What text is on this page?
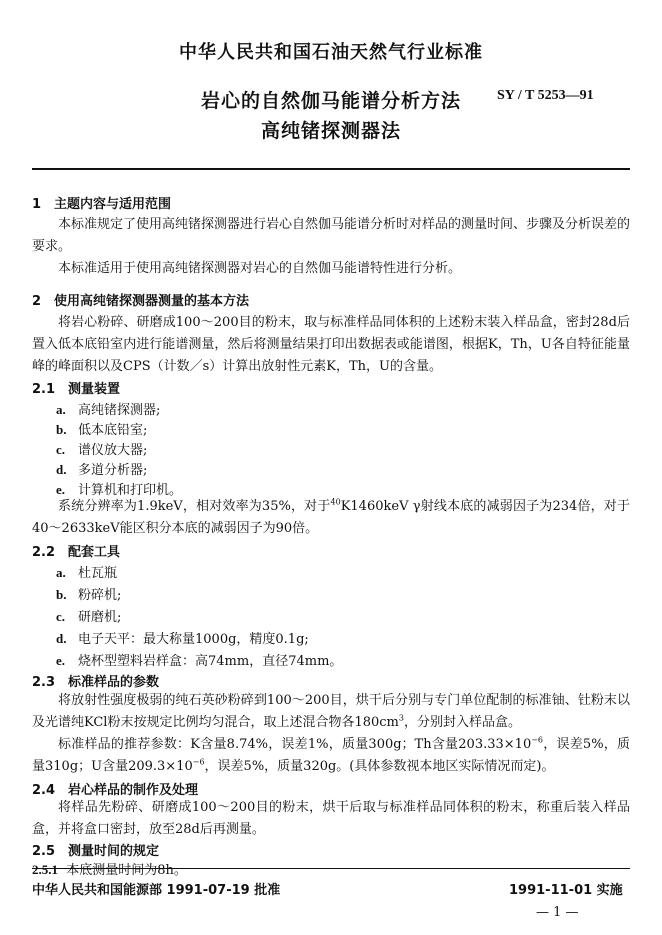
中华人民共和国石油天然气行业标准
岩心的自然伽马能谱分析方法
高纯锗探测器法
SY / T 5253—91
1　主题内容与适用范围
本标准规定了使用高纯锗探测器进行岩心自然伽马能谱分析时对样品的测量时间、步骤及分析误差的要求。
本标准适用于使用高纯锗探测器对岩心的自然伽马能谱特性进行分析。
2　使用高纯锗探测器测量的基本方法
将岩心粉碎、研磨成100～200目的粉末，取与标准样品同体积的上述粉末装入样品盒，密封28d后置入低本底铅室内进行能谱测量，然后将测量结果打印出数据表或能谱图，根据K，Th，U各自特征能量峰的峰面积以及CPS（计数／s）计算出放射性元素K，Th，U的含量。
2.1　测量装置
a. 高纯锗探测器;
b. 低本底铅室;
c. 谱仪放大器;
d. 多道分析器;
e. 计算机和打印机。
系统分辨率为1.9keV，相对效率为35%，对于$^{40}$K1460keV γ射线本底的减弱因子为234倍，对于40～2633keV能区积分本底的减弱因子为90倍。
2.2　配套工具
a. 杜瓦瓶
b. 粉碎机;
c. 研磨机;
d. 电子天平：最大称量1000g，精度0.1g;
e. 烧杯型塑料岩样盒：高74mm，直径74mm。
2.3　标准样品的参数
将放射性强度极弱的纯石英砂粉碎到100～200目，烘干后分别与专门单位配制的标准铀、钍粉末以及光谱纯KCl粉末按规定比例均匀混合，取上述混合物各$180cm^3$，分别封入样品盒。
标准样品的推荐参数：K含量8.74%，误差1%，质量300g；Th含量$203.33\times 10^{-6}$，误差5%，质量310g；U含量$209.3\times 10^{-6}$，误差5%，质量320g。(具体参数视本地区实际情况而定)。
2.4　岩心样品的制作及处理
将样品先粉碎、研磨成100～200目的粉末，烘干后取与标准样品同体积的粉末，称重后装入样品盒，并将盒口密封，放至28d后再测量。
2.5　测量时间的规定
2.5.1 本底测量时间为8h。
中华人民共和国能源部 1991-07-19 批准	1991-11-01 实施
— 1 —
